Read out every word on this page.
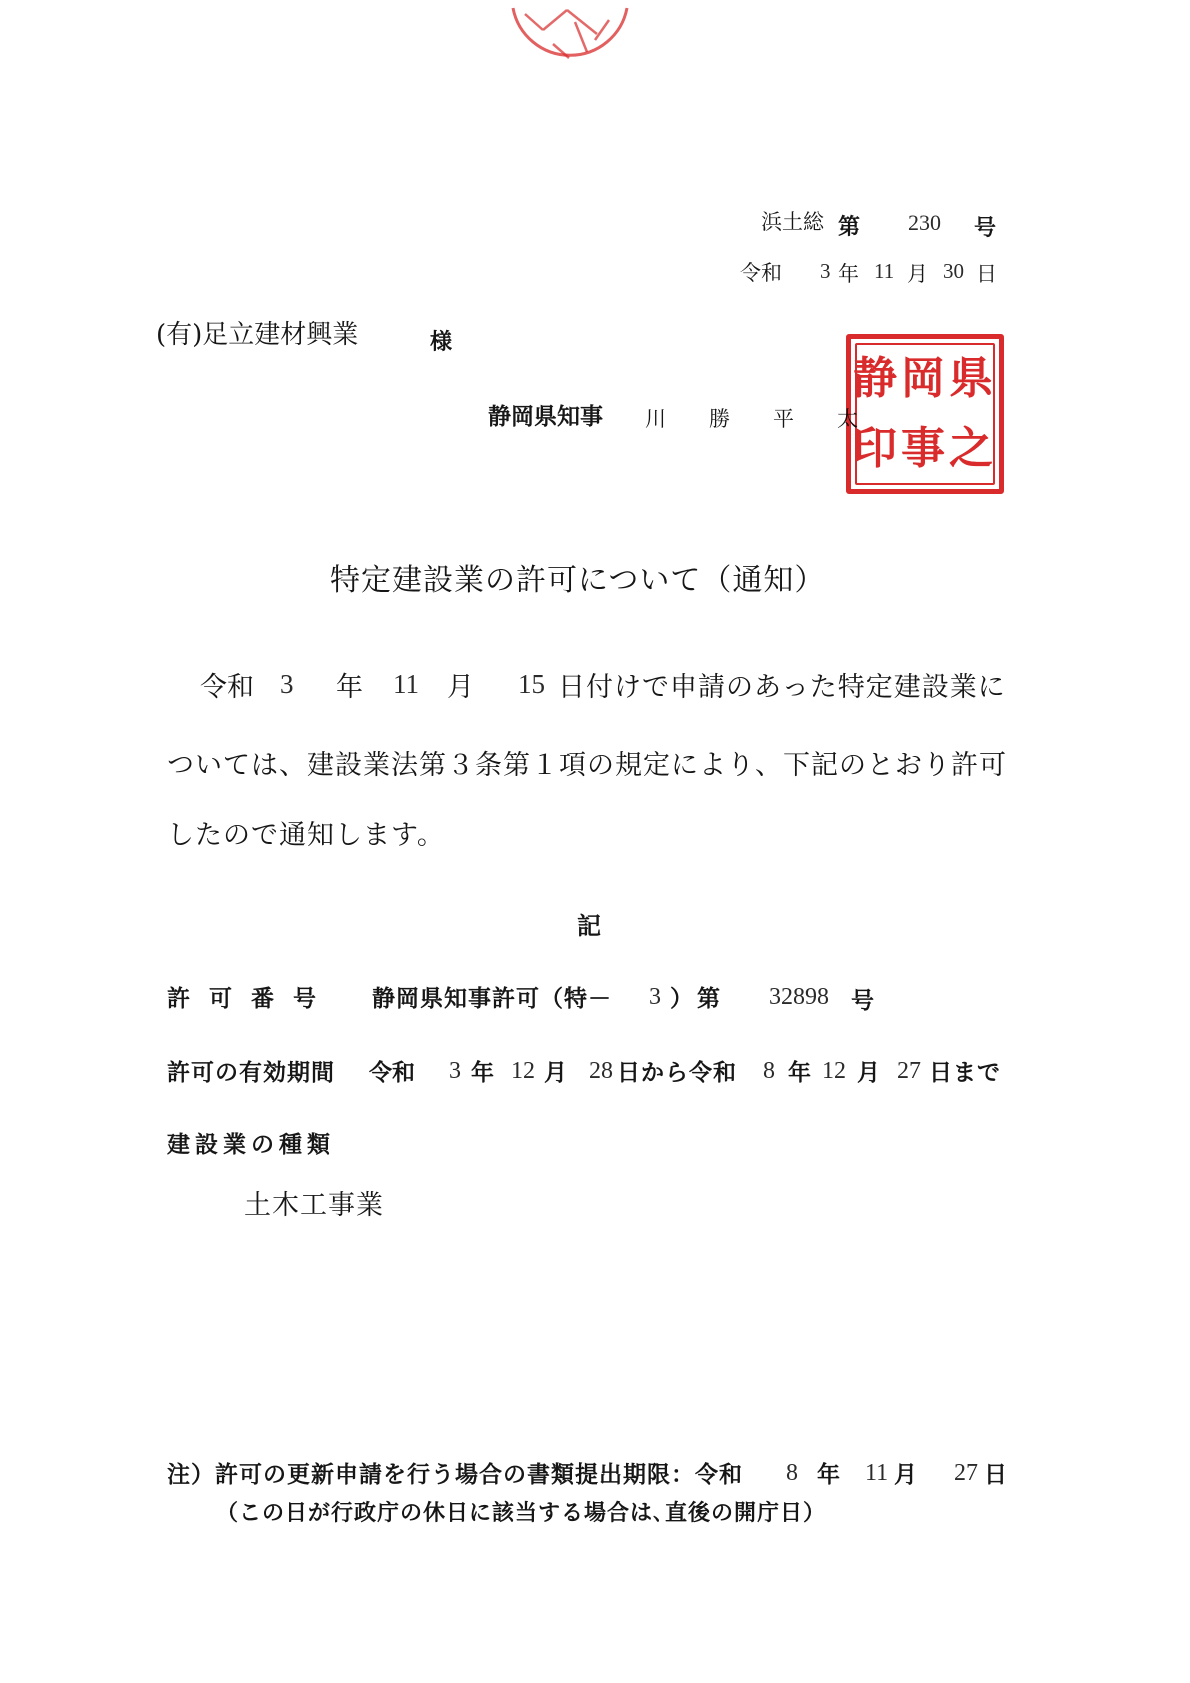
浜土総 第 230 号
令和 3 年 11 月 30 日
(有)足立建材興業	様
静岡県知事 川勝平太
静岡県
印事之
特定建設業の許可について（通知）
令和 3 年 11 月 15 日付けで申請のあった特定建設業に
ついては、建設業法第３条第１項の規定により、下記のとおり許可
したので通知します。
記
許可番号 静岡県知事許可（特－ 3 ）第 32898 号
許可の有効期間 令和 3 年 12 月 28 日から令和 8 年 12 月 27 日まで
建設業の種類
土木工事業
注）許可の更新申請を行う場合の書類提出期限：令和 8 年 11 月 27 日
（この日が行政庁の休日に該当する場合は､直後の開庁日）
